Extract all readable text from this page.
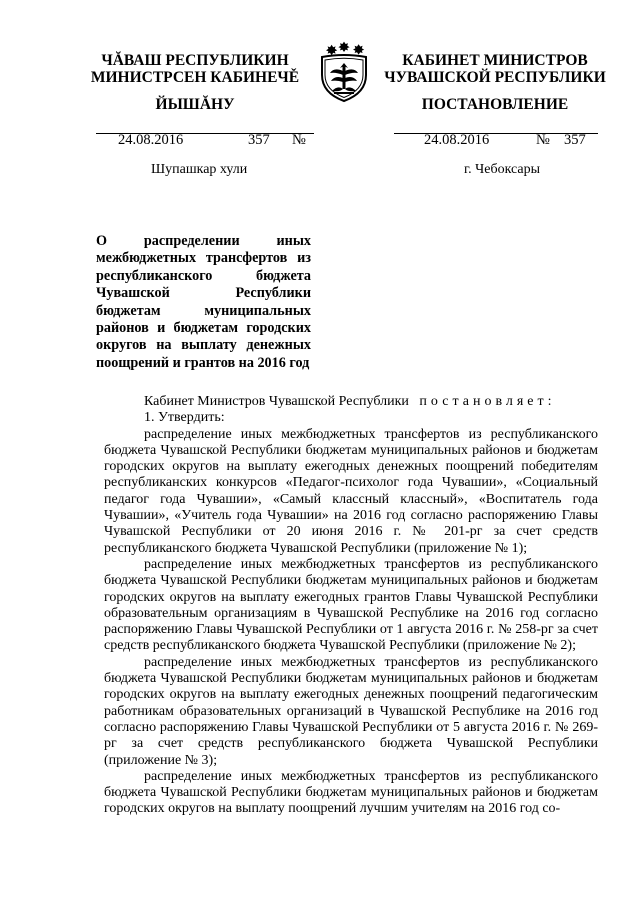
ЧĂВАШ РЕСПУБЛИКИН
МИНИСТРСЕН КАБИНЕЧĚ
ЙЫШĂНУ
КАБИНЕТ МИНИСТРОВ
ЧУВАШСКОЙ РЕСПУБЛИКИ
ПОСТАНОВЛЕНИЕ
24.08.2016	357 №	24.08.2016	№ 357
Шупашкар хули	г. Чебоксары
О распределении иных межбюджетных трансфертов из республиканского бюджета Чувашской Республики бюджетам муниципальных районов и бюджетам городских округов на выплату денежных поощрений и грантов на 2016 год

Кабинет Министров Чувашской Республики постановляет:

1. Утвердить:

распределение иных межбюджетных трансфертов из республиканского бюджета Чувашской Республики бюджетам муниципальных районов и бюджетам городских округов на выплату ежегодных денежных поощрений победителям республиканских конкурсов «Педагог-психолог года Чувашии», «Социальный педагог года Чувашии», «Самый классный классный», «Воспитатель года Чувашии», «Учитель года Чувашии» на 2016 год согласно распоряжению Главы Чувашской Республики от 20 июня 2016 г. № 201-рг за счет средств республиканского бюджета Чувашской Республики (приложение № 1);

распределение иных межбюджетных трансфертов из республиканского бюджета Чувашской Республики бюджетам муниципальных районов и бюджетам городских округов на выплату ежегодных грантов Главы Чувашской Республики образовательным организациям в Чувашской Республике на 2016 год согласно распоряжению Главы Чувашской Республики от 1 августа 2016 г. № 258-рг за счет средств республиканского бюджета Чувашской Республики (приложение № 2);

распределение иных межбюджетных трансфертов из республиканского бюджета Чувашской Республики бюджетам муниципальных районов и бюджетам городских округов на выплату ежегодных денежных поощрений педагогическим работникам образовательных организаций в Чувашской Республике на 2016 год согласно распоряжению Главы Чувашской Республики от 5 августа 2016 г. № 269-рг за счет средств республиканского бюджета Чувашской Республики (приложение № 3);

распределение иных межбюджетных трансфертов из республиканского бюджета Чувашской Республики бюджетам муниципальных районов и бюджетам городских округов на выплату поощрений лучшим учителям на 2016 год со-
